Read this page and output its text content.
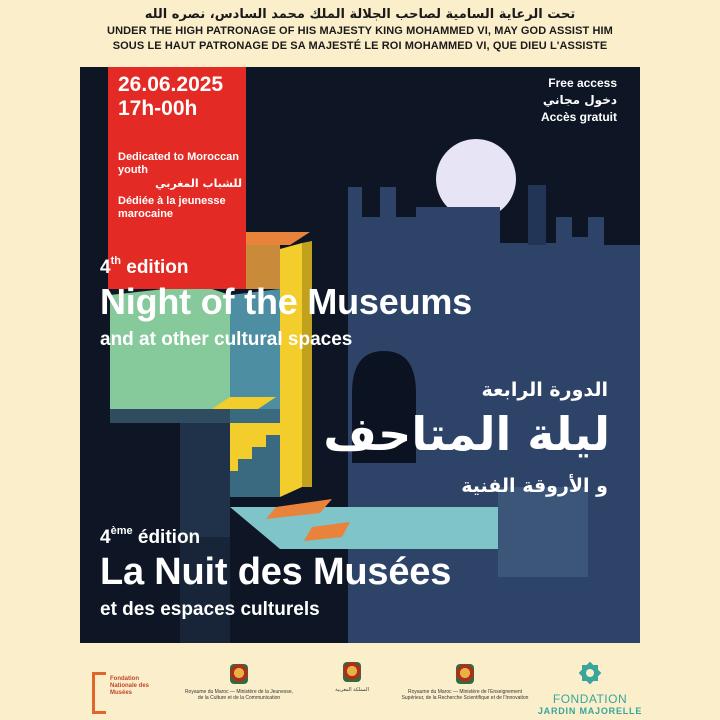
تحت الرعاية السامية لصاحب الجلالة الملك محمد السادس، نصره الله
UNDER THE HIGH PATRONAGE OF HIS MAJESTY KING MOHAMMED VI, MAY GOD ASSIST HIM
SOUS LE HAUT PATRONAGE DE SA MAJESTÉ LE ROI MOHAMMED VI, QUE DIEU L'ASSISTE
26.06.2025
17h-00h
Dedicated to Moroccan youth
للشباب المغربي
Dédiée à la jeunesse marocaine
Free access
دخول مجاني
Accès gratuit
4th edition
Night of the Museums
and at other cultural spaces
الدورة الرابعة
ليلة المتاحف
و الأروقة الفنية
4ème édition
La Nuit des Musées
et des espaces culturels
Fondation Nationale des Musées	Royaume du Maroc — Ministère de la Jeunesse, de la Culture et de la Communication
المملكة المغربية	Royaume du Maroc — Ministère de l'Enseignement Supérieur, de la Recherche Scientifique et de l'Innovation	FONDATION
JARDIN MAJORELLE
